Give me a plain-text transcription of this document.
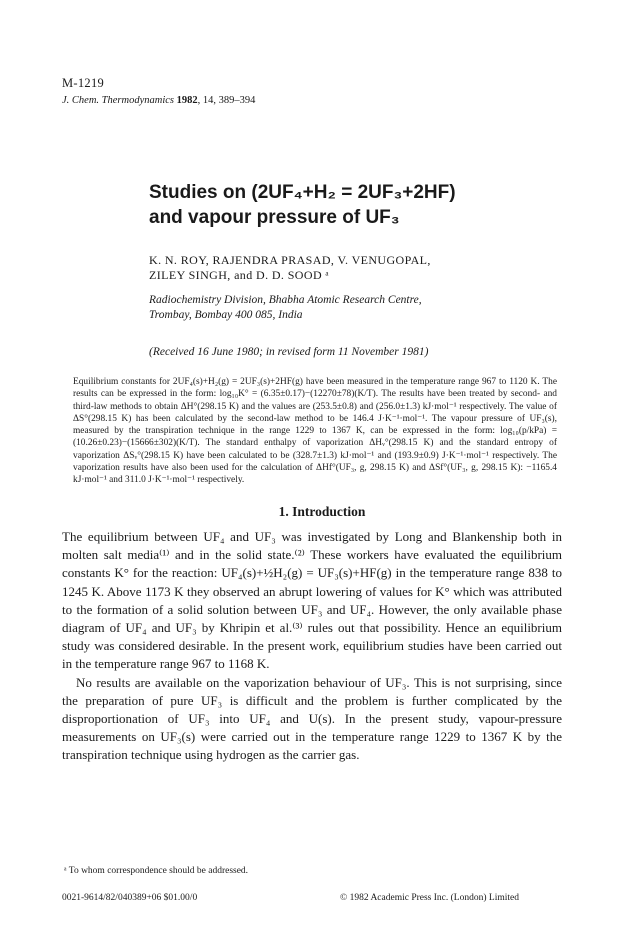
M-1219
J. Chem. Thermodynamics 1982, 14, 389–394
Studies on (2UF₄+H₂ = 2UF₃+2HF)
and vapour pressure of UF₃
K. N. ROY, RAJENDRA PRASAD, V. VENUGOPAL,
ZILEY SINGH, and D. D. SOOD ᵃ
Radiochemistry Division, Bhabha Atomic Research Centre,
Trombay, Bombay 400 085, India
(Received 16 June 1980; in revised form 11 November 1981)

Equilibrium constants for 2UF₄(s)+H₂(g) = 2UF₃(s)+2HF(g) have been measured in the temperature range 967 to 1120 K. The results can be expressed in the form: log₁₀K° = (6.35±0.17)−(12270±78)(K/T). The results have been treated by second- and third-law methods to obtain ΔH°(298.15 K) and the values are (253.5±0.8) and (256.0±1.3) kJ·mol⁻¹ respectively. The value of ΔS°(298.15 K) has been calculated by the second-law method to be 146.4 J·K⁻¹·mol⁻¹. The vapour pressure of UF₃(s), measured by the transpiration technique in the range 1229 to 1367 K, can be expressed in the form: log₁₀(p/kPa) = (10.26±0.23)−(15666±302)(K/T). The standard enthalpy of vaporization ΔHᵥ°(298.15 K) and the standard entropy of vaporization ΔSᵥ°(298.15 K) have been calculated to be (328.7±1.3) kJ·mol⁻¹ and (193.9±0.9) J·K⁻¹·mol⁻¹ respectively. The vaporization results have also been used for the calculation of ΔHf°(UF₃, g, 298.15 K) and ΔSf°(UF₃, g, 298.15 K): −1165.4 kJ·mol⁻¹ and 311.0 J·K⁻¹·mol⁻¹ respectively.

1. Introduction

The equilibrium between UF₄ and UF₃ was investigated by Long and Blankenship both in molten salt media⁽¹⁾ and in the solid state.⁽²⁾ These workers have evaluated the equilibrium constants K° for the reaction: UF₄(s)+½H₂(g) = UF₃(s)+HF(g) in the temperature range 838 to 1245 K. Above 1173 K they observed an abrupt lowering of values for K° which was attributed to the formation of a solid solution between UF₃ and UF₄. However, the only available phase diagram of UF₄ and UF₃ by Khripin et al.⁽³⁾ rules out that possibility. Hence an equilibrium study was considered desirable. In the present work, equilibrium studies have been carried out in the temperature range 967 to 1168 K.

No results are available on the vaporization behaviour of UF₃. This is not surprising, since the preparation of pure UF₃ is difficult and the problem is further complicated by the disproportionation of UF₃ into UF₄ and U(s). In the present study, vapour-pressure measurements on UF₃(s) were carried out in the temperature range 1229 to 1367 K by the transpiration technique using hydrogen as the carrier gas.

ᵃ To whom correspondence should be addressed.
0021-9614/82/040389+06 $01.00/0	© 1982 Academic Press Inc. (London) Limited
